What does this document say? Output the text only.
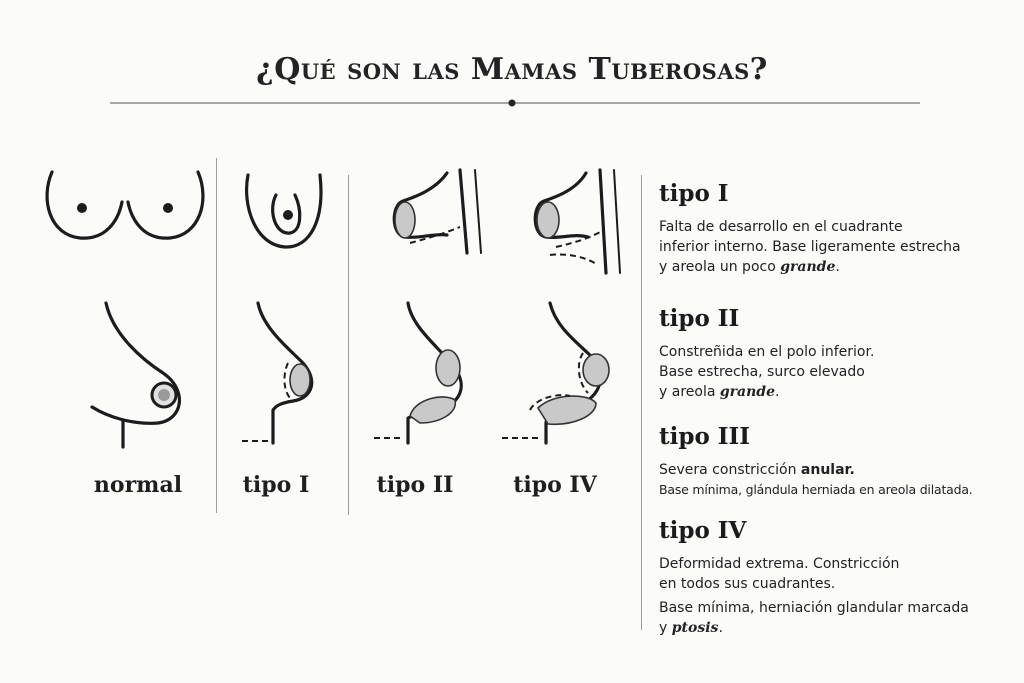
¿Qué son las Mamas Tuberosas?
normal	tipo I	tipo II	tipo IV
tipo I

Falta de desarrollo en el cuadrante

inferior interno. Base ligeramente estrecha

y areola un poco grande.

tipo II

Constreñida en el polo inferior.

Base estrecha, surco elevado

y areola grande.

tipo III

Severa constricción anular.

Base mínima, glándula herniada en areola dilatada.

tipo IV

Deformidad extrema. Constricción

en todos sus cuadrantes.

Base mínima, herniación glandular marcada

y ptosis.
